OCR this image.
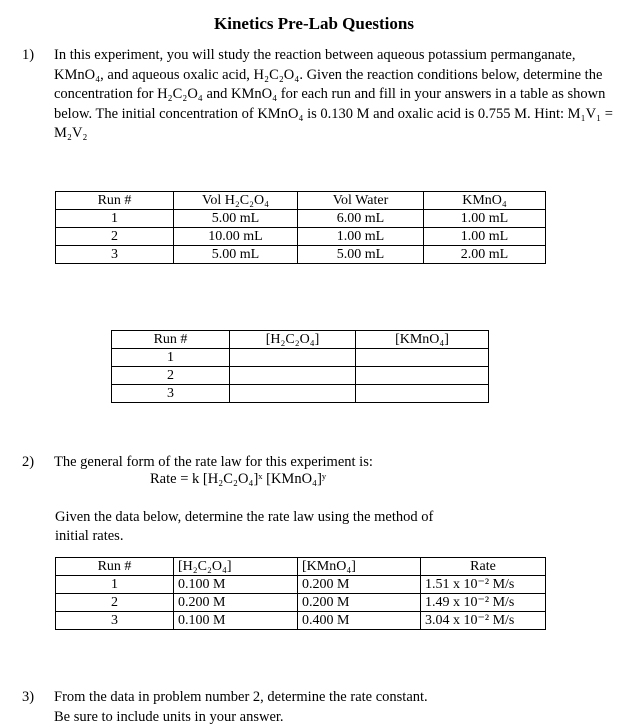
Kinetics Pre-Lab Questions
1) In this experiment, you will study the reaction between aqueous potassium permanganate, KMnO₄, and aqueous oxalic acid, H₂C₂O₄. Given the reaction conditions below, determine the concentration for H₂C₂O₄ and KMnO₄ for each run and fill in your answers in a table as shown below. The initial concentration of KMnO₄ is 0.130 M and oxalic acid is 0.755 M. Hint: M₁V₁ = M₂V₂
Run #	Vol H₂C₂O₄	Vol Water	KMnO₄
1	5.00 mL	6.00 mL	1.00 mL
2	10.00 mL	1.00 mL	1.00 mL
3	5.00 mL	5.00 mL	2.00 mL
Run #	[H₂C₂O₄]	[KMnO₄]
1		
2		
3		
2) The general form of the rate law for this experiment is:
Rate = k [H₂C₂O₄]ˣ [KMnO₄]ʸ
Given the data below, determine the rate law using the method of initial rates.
Run #	[H₂C₂O₄]	[KMnO₄]	Rate
1	0.100 M	0.200 M	1.51 x 10⁻² M/s
2	0.200 M	0.200 M	1.49 x 10⁻² M/s
3	0.100 M	0.400 M	3.04 x 10⁻² M/s
3) From the data in problem number 2, determine the rate constant. Be sure to include units in your answer.
